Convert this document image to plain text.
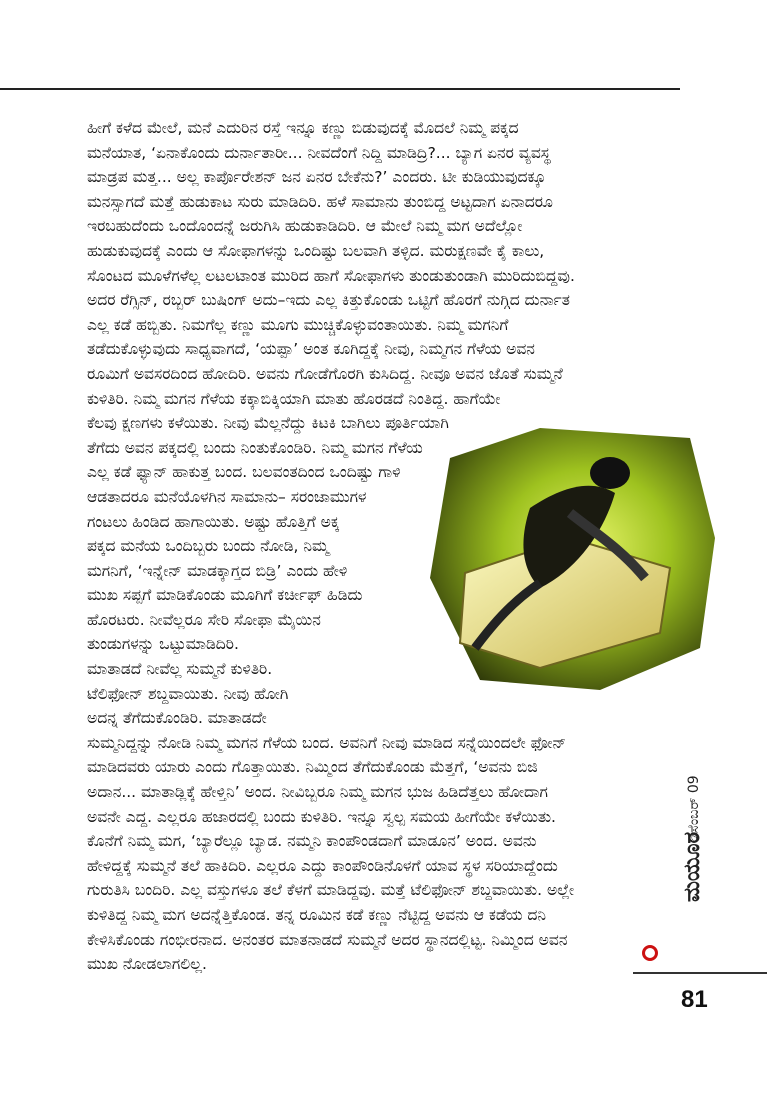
ಹೀಗೆ ಕಳೆದ ಮೇಲೆ, ಮನೆ ಎದುರಿನ ರಸ್ತೆ ಇನ್ನೂ ಕಣ್ಣು ಬಿಡುವುದಕ್ಕೆ ಮೊದಲೆ ನಿಮ್ಮ ಪಕ್ಕದ
ಮನೆಯಾತ, ‘ಏನಾಕೊಂದು ದುರ್ನಾತಾರೀ... ನೀವದೆಂಗೆ ನಿದ್ದಿ ಮಾಡಿದ್ರಿ?... ಬ್ಯಾಗ ಏನರ ವ್ಯವಸ್ಥ
ಮಾಡ್ರಪ ಮತ್ತ... ಅಲ್ಲ ಕಾರ್ಪೊರೇಶನ್ ಜನ ಏನರ ಬೇಕೆನು?’ ಎಂದರು. ಟೀ ಕುಡಿಯುವುದಕ್ಕೂ
ಮನಸ್ಸಾಗದೆ ಮತ್ತೆ ಹುಡುಕಾಟ ಸುರು ಮಾಡಿದಿರಿ. ಹಳೆ ಸಾಮಾನು ತುಂಬಿದ್ದ ಅಟ್ಟದಾಗ ಏನಾದರೂ
ಇರಬಹುದೆಂದು ಒಂದೊಂದನ್ನೆ ಜರುಗಿಸಿ ಹುಡುಕಾಡಿದಿರಿ. ಆ ಮೇಲೆ ನಿಮ್ಮ ಮಗ ಅದೆಲ್ಲೋ
ಹುಡುಕುವುದಕ್ಕೆ ಎಂದು ಆ ಸೋಫಾಗಳನ್ನು ಒಂದಿಷ್ಟು ಬಲವಾಗಿ ತಳ್ಳಿದ. ಮರುಕ್ಷಣವೇ ಕೈ ಕಾಲು,
ಸೊಂಟದ ಮೂಳೆಗಳೆಲ್ಲ ಲಟಲಟಾಂತ ಮುರಿದ ಹಾಗೆ ಸೋಫಾಗಳು ತುಂಡುತುಂಡಾಗಿ ಮುರಿದುಬಿದ್ದವು.
ಅದರ ರೆಗ್ಸಿನ್, ರಬ್ಬರ್ ಬುಷಿಂಗ್ ಅದು–ಇದು ಎಲ್ಲ ಕಿತ್ತುಕೊಂಡು ಒಟ್ಟಿಗೆ ಹೊರಗೆ ನುಗ್ಗಿದ ದುರ್ನಾತ
ಎಲ್ಲ ಕಡೆ ಹಬ್ಬಿತು. ನಿಮಗೆಲ್ಲ ಕಣ್ಣು ಮೂಗು ಮುಚ್ಚಿಕೊಳ್ಳುವಂತಾಯಿತು. ನಿಮ್ಮ ಮಗನಿಗೆ
ತಡೆದುಕೊಳ್ಳುವುದು ಸಾಧ್ಯವಾಗದೆ, ‘ಯಪ್ಪಾ’ ಅಂತ ಕೂಗಿದ್ದಕ್ಕೆ ನೀವು, ನಿಮ್ಮಗನ ಗೆಳೆಯ ಅವನ
ರೂಮಿಗೆ ಅವಸರದಿಂದ ಹೋದಿರಿ. ಅವನು ಗೋಡೆಗೊರಗಿ ಕುಸಿದಿದ್ದ. ನೀವೂ ಅವನ ಜೊತೆ ಸುಮ್ಮನೆ
ಕುಳಿತಿರಿ. ನಿಮ್ಮ ಮಗನ ಗೆಳೆಯ ಕಕ್ಕಾಬಿಕ್ಕಿಯಾಗಿ ಮಾತು ಹೊರಡದೆ ನಿಂತಿದ್ದ. ಹಾಗೆಯೇ
ಕೆಲವು ಕ್ಷಣಗಳು ಕಳೆಯಿತು. ನೀವು ಮೆಲ್ಲನೆದ್ದು ಕಿಟಕಿ ಬಾಗಿಲು ಪೂರ್ತಿಯಾಗಿ
ತೆಗೆದು ಅವನ ಪಕ್ಕದಲ್ಲಿ ಬಂದು ನಿಂತುಕೊಂಡಿರಿ. ನಿಮ್ಮ ಮಗನ ಗೆಳೆಯ
ಎಲ್ಲ ಕಡೆ ಫ್ಯಾನ್ ಹಾಕುತ್ತ ಬಂದ. ಬಲವಂತದಿಂದ ಒಂದಿಷ್ಟು ಗಾಳಿ
ಆಡತಾದರೂ ಮನೆಯೊಳಗಿನ ಸಾಮಾನು– ಸರಂಜಾಮುಗಳ
ಗಂಟಲು ಹಿಂಡಿದ ಹಾಗಾಯಿತು. ಅಷ್ಟು ಹೊತ್ತಿಗೆ ಅಕ್ಕ
ಪಕ್ಕದ ಮನೆಯ ಒಂದಿಬ್ಬರು ಬಂದು ನೋಡಿ, ನಿಮ್ಮ
ಮಗನಿಗೆ, ‘ಇನ್ನೇನ್ ಮಾಡಕ್ಕಾಗ್ತದ ಬಿಡ್ರಿ’ ಎಂದು ಹೇಳಿ
ಮುಖ ಸಪ್ಪಗೆ ಮಾಡಿಕೊಂಡು ಮೂಗಿಗೆ ಕರ್ಚೀಫ್ ಹಿಡಿದು
ಹೊರಟರು. ನೀವೆಲ್ಲರೂ ಸೇರಿ ಸೋಫಾ ಮೈಯಿನ
ತುಂಡುಗಳನ್ನು ಒಟ್ಟುಮಾಡಿದಿರಿ.
ಮಾತಾಡದೆ ನೀವೆಲ್ಲ ಸುಮ್ಮನೆ ಕುಳಿತಿರಿ.
ಟೆಲಿಫೋನ್ ಶಬ್ದವಾಯಿತು. ನೀವು ಹೋಗಿ
ಅದನ್ನ ತೆಗೆದುಕೊಂಡಿರಿ. ಮಾತಾಡದೇ
ಸುಮ್ಮನಿದ್ದನ್ನು ನೋಡಿ ನಿಮ್ಮ ಮಗನ ಗೆಳೆಯ ಬಂದ. ಅವನಿಗೆ ನೀವು ಮಾಡಿದ ಸನ್ನೆಯಿಂದಲೇ ಫೋನ್
ಮಾಡಿದವರು ಯಾರು ಎಂದು ಗೊತ್ತಾಯಿತು. ನಿಮ್ಮಿಂದ ತೆಗೆದುಕೊಂಡು ಮೆತ್ತಗೆ, ‘ಅವನು ಬಿಜಿ
ಅದಾನ... ಮಾತಾಡ್ಲಿಕ್ಕೆ ಹೇಳ್ತಿನಿ’ ಅಂದ. ನೀವಿಬ್ಬರೂ ನಿಮ್ಮ ಮಗನ ಭುಜ ಹಿಡಿದೆತ್ತಲು ಹೋದಾಗ
ಅವನೇ ಎದ್ದ. ಎಲ್ಲರೂ ಹಜಾರದಲ್ಲಿ ಬಂದು ಕುಳಿತಿರಿ. ಇನ್ನೂ ಸ್ವಲ್ಪ ಸಮಯ ಹೀಗೆಯೇ ಕಳೆಯಿತು.
ಕೊನೆಗೆ ನಿಮ್ಮ ಮಗ, ‘ಬ್ಯಾರೆಲ್ಲೂ ಬ್ಯಾಡ. ನಮ್ಮನಿ ಕಾಂಪೌಂಡದಾಗೆ ಮಾಡೂನ’ ಅಂದ. ಅವನು
ಹೇಳಿದ್ದಕ್ಕೆ ಸುಮ್ಮನೆ ತಲೆ ಹಾಕಿದಿರಿ. ಎಲ್ಲರೂ ಎದ್ದು ಕಾಂಪೌಂಡಿನೊಳಗೆ ಯಾವ ಸ್ಥಳ ಸರಿಯಾದ್ದೆಂದು
ಗುರುತಿಸಿ ಬಂದಿರಿ. ಎಲ್ಲ ವಸ್ತುಗಳೂ ತಲೆ ಕೆಳಗೆ ಮಾಡಿದ್ದವು. ಮತ್ತೆ ಟೆಲಿಫೋನ್ ಶಬ್ದವಾಯಿತು. ಅಲ್ಲೇ
ಕುಳಿತಿದ್ದ ನಿಮ್ಮ ಮಗ ಅದನ್ನೆತ್ತಿಕೊಂಡ. ತನ್ನ ರೂಮಿನ ಕಡೆ ಕಣ್ಣು ನೆಟ್ಟಿದ್ದ ಅವನು ಆ ಕಡೆಯ ದನಿ
ಕೇಳಿಸಿಕೊಂಡು ಗಂಭೀರನಾದ. ಅನಂತರ ಮಾತನಾಡದೆ ಸುಮ್ಮನೆ ಅದರ ಸ್ಥಾನದಲ್ಲಿಟ್ಟ. ನಿಮ್ಮಿಂದ ಅವನ
ಮುಖ ನೋಡಲಾಗಲಿಲ್ಲ.
ಡಿಸೆಂಬರ್ 09
ಮಯೂರ
81
